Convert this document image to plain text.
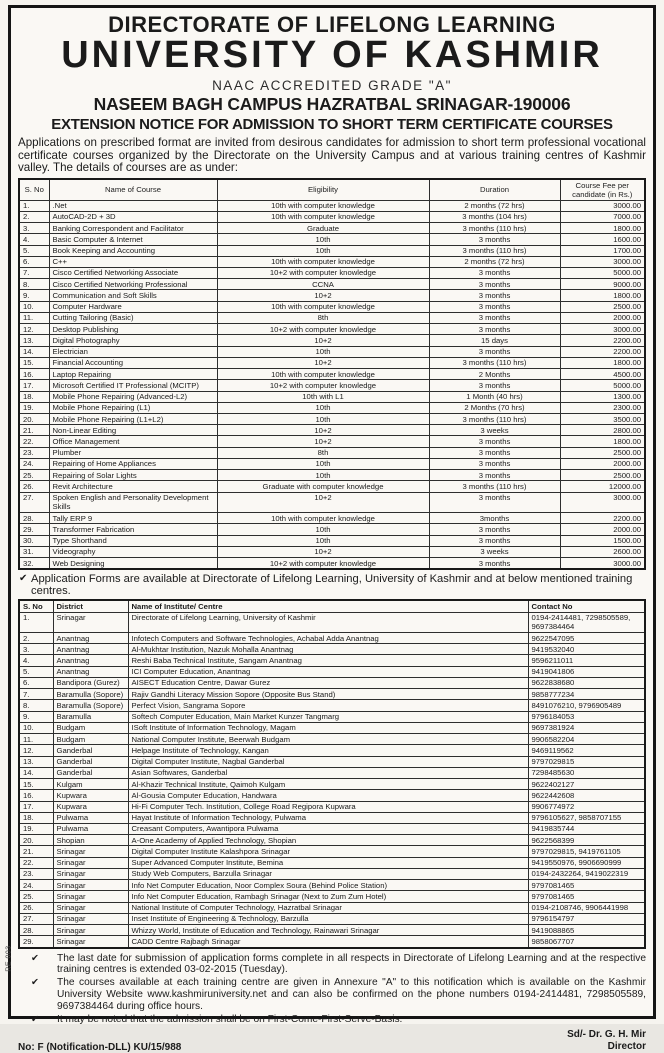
DIRECTORATE OF LIFELONG LEARNING
UNIVERSITY OF KASHMIR
NAAC ACCREDITED GRADE "A"
NASEEM BAGH CAMPUS HAZRATBAL SRINAGAR-190006
EXTENSION NOTICE FOR ADMISSION TO SHORT TERM CERTIFICATE COURSES

Applications on prescribed format are invited from desirous candidates for admission to short term professional vocational certificate courses organized by the Directorate on the University Campus and at various training centres of Kashmir valley. The details of courses are as under:

S. No	Name of Course	Eligibility	Duration	Course Fee per candidate (in Rs.)
1.	.Net	10th with computer knowledge	2 months (72 hrs)	3000.00
2.	AutoCAD-2D + 3D	10th with computer knowledge	3 months (104 hrs)	7000.00
3.	Banking Correspondent and Facilitator	Graduate	3 months (110 hrs)	1800.00
4.	Basic Computer & Internet	10th	3 months	1600.00
5.	Book Keeping and Accounting	10th	3 months (110 hrs)	1700.00
6.	C++	10th with computer knowledge	2 months (72 hrs)	3000.00
7.	Cisco Certified Networking Associate	10+2 with computer knowledge	3 months	5000.00
8.	Cisco Certified Networking Professional	CCNA	3 months	9000.00
9.	Communication and Soft Skills	10+2	3 months	1800.00
10.	Computer Hardware	10th with computer knowledge	3 months	2500.00
11.	Cutting Tailoring (Basic)	8th	3 months	2000.00
12.	Desktop Publishing	10+2 with computer knowledge	3 months	3000.00
13.	Digital Photography	10+2	15 days	2200.00
14.	Electrician	10th	3 months	2200.00
15.	Financial Accounting	10+2	3 months (110 hrs)	1800.00
16.	Laptop Repairing	10th with computer knowledge	2 Months	4500.00
17.	Microsoft Certified IT Professional (MCITP)	10+2 with computer knowledge	3 months	5000.00
18.	Mobile Phone Repairing (Advanced-L2)	10th with L1	1 Month (40 hrs)	1300.00
19.	Mobile Phone Repairing (L1)	10th	2 Months (70 hrs)	2300.00
20.	Mobile Phone Repairing (L1+L2)	10th	3 months (110 hrs)	3500.00
21.	Non-Linear Editing	10+2	3 weeks	2800.00
22.	Office Management	10+2	3 months	1800.00
23.	Plumber	8th	3 months	2500.00
24.	Repairing of Home Appliances	10th	3 months	2000.00
25.	Repairing of Solar Lights	10th	3 months	2500.00
26.	Revit Architecture	Graduate with computer knowledge	3 months (110 hrs)	12000.00
27.	Spoken English and Personality Development Skills	10+2	3 months	3000.00
28.	Tally ERP 9	10th with computer knowledge	3months	2200.00
29.	Transformer Fabrication	10th	3 months	2000.00
30.	Type Shorthand	10th	3 months	1500.00
31.	Videography	10+2	3 weeks	2600.00
32.	Web Designing	10+2 with computer knowledge	3 months	3000.00
✔ Application Forms are available at Directorate of Lifelong Learning, University of Kashmir and at below mentioned training centres.
S. No	District	Name of Institute/ Centre	Contact No
1.	Srinagar	Directorate of Lifelong Learning, University of Kashmir	0194-2414481, 7298505589, 9697384464
2.	Anantnag	Infotech Computers and Software Technologies, Achabal Adda Anantnag	9622547095
3.	Anantnag	Al-Mukhtar Institution, Nazuk Mohalla Anantnag	9419532040
4.	Anantnag	Reshi Baba Technical Institute, Sangam Anantnag	9596211011
5.	Anantnag	ICI Computer Education, Anantnag	9419041806
6.	Bandipora (Gurez)	AISECT Education Centre, Dawar Gurez	9622838680
7.	Baramulla (Sopore)	Rajiv Gandhi Literacy Mission Sopore (Opposite Bus Stand)	9858777234
8.	Baramulla (Sopore)	Perfect Vision, Sangrama Sopore	8491076210, 9796905489
9.	Baramulla	Softech Computer Education, Main Market Kunzer Tangmarg	9796184053
10.	Budgam	ISoft Institute of Information Technology, Magam	9697381924
11.	Budgam	National Computer Institute, Beerwah Budgam	9906582204
12.	Ganderbal	Helpage Institute of Technology, Kangan	9469119562
13.	Ganderbal	Digital Computer Institute, Nagbal Ganderbal	9797029815
14.	Ganderbal	Asian Softwares, Ganderbal	7298485630
15.	Kulgam	Al-Khazir Technical Institute, Qaimoh Kulgam	9622402127
16.	Kupwara	Al-Gousia Computer Education, Handwara	9622442608
17.	Kupwara	Hi-Fi Computer Tech. Institution, College Road Regipora Kupwara	9906774972
18.	Pulwama	Hayat Institute of Information Technology, Pulwama	9796105627, 9858707155
19.	Pulwama	Creasant Computers, Awantipora Pulwama	9419835744
20.	Shopian	A-One Academy of Applied Technology, Shopian	9622568399
21.	Srinagar	Digital Computer Institute Kalashpora Srinagar	9797029815, 9419761105
22.	Srinagar	Super Advanced Computer Institute, Bemina	9419550976, 9906690999
23.	Srinagar	Study Web Computers, Barzulla Srinagar	0194-2432264, 9419022319
24.	Srinagar	Info Net Computer Education, Noor Complex Soura (Behind Police Station)	9797081465
25.	Srinagar	Info Net Computer Education, Rambagh Srinagar (Next to Zum Zum Hotel)	9797081465
26.	Srinagar	National Institute of Computer Technology, Hazratbal Srinagar	0194-2108746, 9906441998
27.	Srinagar	Inset Institute of Engineering & Technology, Barzulla	9796154797
28.	Srinagar	Whizzy World, Institute of Education and Technology, Rainawari Srinagar	9419088865
29.	Srinagar	CADD Centre Rajbagh Srinagar	9858067707
✔ The last date for submission of application forms complete in all respects in Directorate of Lifelong Learning and at the respective training centres is extended 03-02-2015 (Tuesday).
✔ The courses available at each training centre are given in Annexure "A" to this notification which is available on the Kashmir University Website www.kashmiruniversity.net and can also be confirmed on the phone numbers 0194-2414481, 7298505589, 9697384464 during office hours.
✔ It may be noted that the admission shall be on First-Come-First-Serve-Basis.
No: F (Notification-DLL) KU/15/988
Sd/- Dr. G. H. Mir
Director
RE 003
